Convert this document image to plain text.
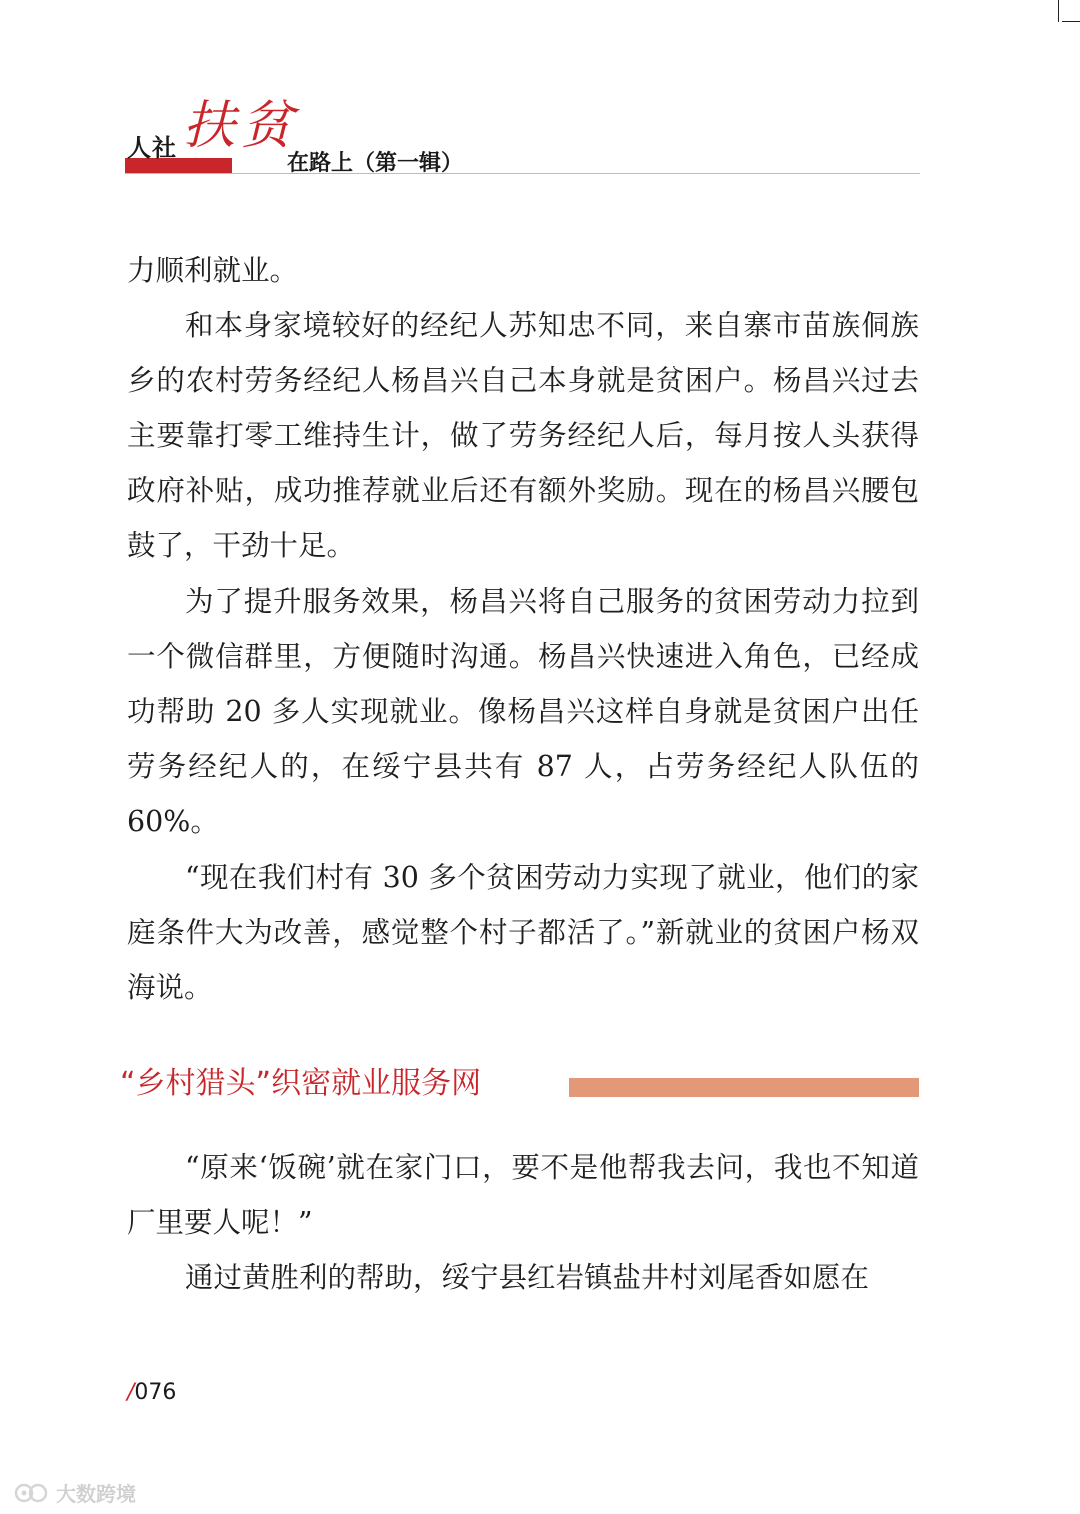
人社 扶贫
在路上（第一辑）

力顺利就业。

和本身家境较好的经纪人苏知忠不同，来自寨市苗族侗族乡的农村劳务经纪人杨昌兴自己本身就是贫困户。杨昌兴过去主要靠打零工维持生计，做了劳务经纪人后，每月按人头获得政府补贴，成功推荐就业后还有额外奖励。现在的杨昌兴腰包鼓了，干劲十足。

为了提升服务效果，杨昌兴将自己服务的贫困劳动力拉到一个微信群里，方便随时沟通。杨昌兴快速进入角色，已经成功帮助 20 多人实现就业。像杨昌兴这样自身就是贫困户出任劳务经纪人的，在绥宁县共有 87 人，占劳务经纪人队伍的 60%。

“现在我们村有 30 多个贫困劳动力实现了就业，他们的家庭条件大为改善，感觉整个村子都活了。”新就业的贫困户杨双海说。

“乡村猎头”织密就业服务网

“原来‘饭碗’就在家门口，要不是他帮我去问，我也不知道厂里要人呢！”

通过黄胜利的帮助，绥宁县红岩镇盐井村刘尾香如愿在

/076
大数跨境
